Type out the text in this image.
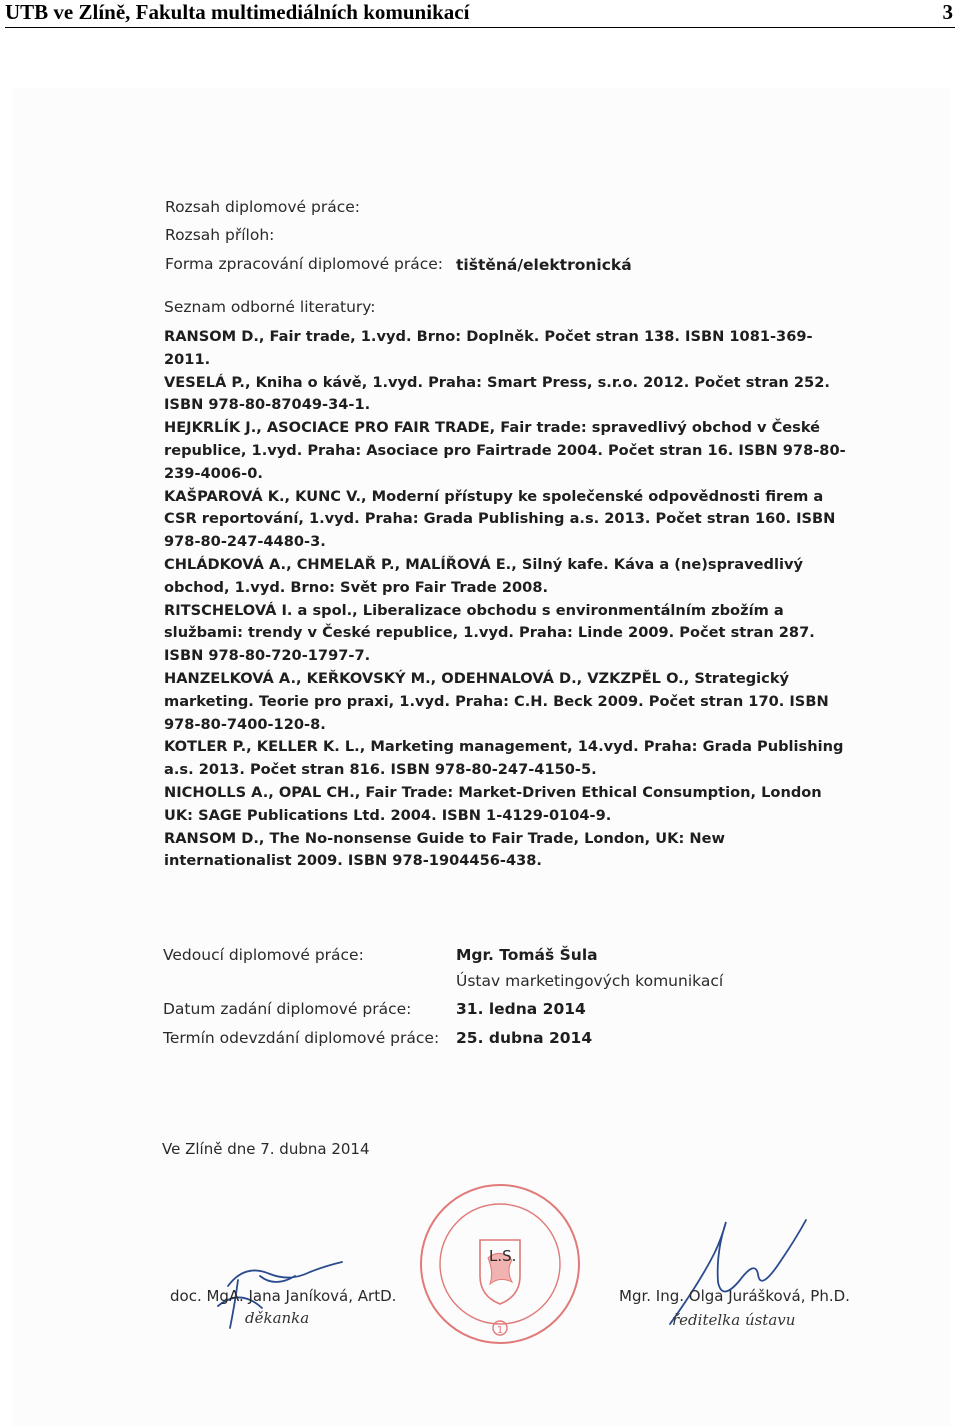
UTB ve Zlíně, Fakulta multimediálních komunikací	3
Rozsah diplomové práce:
Rozsah příloh:
Forma zpracování diplomové práce: tištěná/elektronická
Seznam odborné literatury:

RANSOM D., Fair trade, 1.vyd. Brno: Doplněk. Počet stran 138. ISBN 1081-369-2011.

VESELÁ P., Kniha o kávě, 1.vyd. Praha: Smart Press, s.r.o. 2012. Počet stran 252. ISBN 978-80-87049-34-1.

HEJKRLÍK J., ASOCIACE PRO FAIR TRADE, Fair trade: spravedlivý obchod v České republice, 1.vyd. Praha: Asociace pro Fairtrade 2004. Počet stran 16. ISBN 978-80-239-4006-0.

KAŠPAROVÁ K., KUNC V., Moderní přístupy ke společenské odpovědnosti firem a CSR reportování, 1.vyd. Praha: Grada Publishing a.s. 2013. Počet stran 160. ISBN 978-80-247-4480-3.

CHLÁDKOVÁ A., CHMELAŘ P., MALÍŘOVÁ E., Silný kafe. Káva a (ne)spravedlivý obchod, 1.vyd. Brno: Svět pro Fair Trade 2008.

RITSCHELOVÁ I. a spol., Liberalizace obchodu s environmentálním zbožím a službami: trendy v České republice, 1.vyd. Praha: Linde 2009. Počet stran 287. ISBN 978-80-720-1797-7.

HANZELKOVÁ A., KEŘKOVSKÝ M., ODEHNALOVÁ D., VZKZPĚL O., Strategický marketing. Teorie pro praxi, 1.vyd. Praha: C.H. Beck 2009. Počet stran 170. ISBN 978-80-7400-120-8.

KOTLER P., KELLER K. L., Marketing management, 14.vyd. Praha: Grada Publishing a.s. 2013. Počet stran 816. ISBN 978-80-247-4150-5.

NICHOLLS A., OPAL CH., Fair Trade: Market-Driven Ethical Consumption, London UK: SAGE Publications Ltd. 2004. ISBN 1-4129-0104-9.

RANSOM D., The No-nonsense Guide to Fair Trade, London, UK: New internationalist 2009. ISBN 978-1904456-438.

Vedoucí diplomové práce:	Mgr. Tomáš Šula
Ústav marketingových komunikací
Datum zadání diplomové práce:	31. ledna 2014
Termín odevzdání diplomové práce: 25. dubna 2014
Ve Zlíně dne 7. dubna 2014
1
L.S.
doc. MgA. Jana Janíková, ArtD.
děkanka
Mgr. Ing. Olga Jurášková, Ph.D.
ředitelka ústavu
